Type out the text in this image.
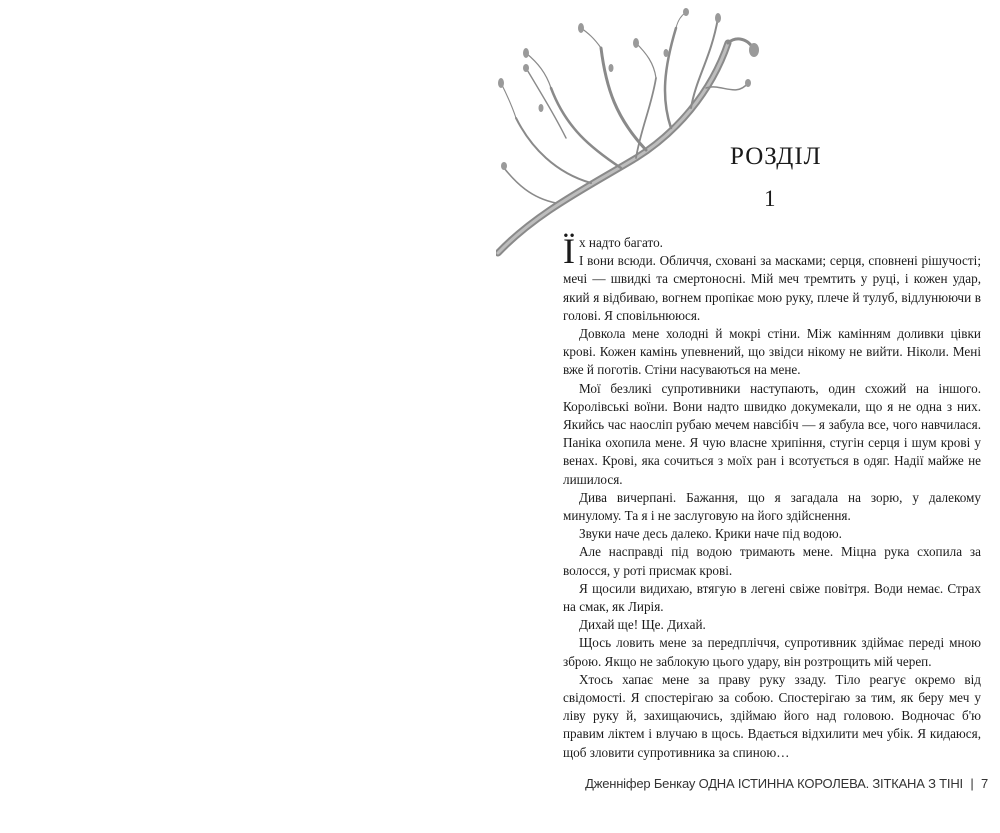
РОЗДІЛ
1

Їх надто багато.

І вони всюди. Обличчя, сховані за масками; серця, сповнені рішучості; мечі — швидкі та смертоносні. Мій меч тремтить у руці, і кожен удар, який я відбиваю, вогнем пропікає мою руку, плече й тулуб, відлунюючи в голові. Я сповільнююся.

Довкола мене холодні й мокрі стіни. Між камінням доливки цівки крові. Кожен камінь упевнений, що звідси нікому не вийти. Ніколи. Мені вже й поготів. Стіни насуваються на мене.

Мої безликі супротивники наступають, один схожий на іншого. Королівські воїни. Вони надто швидко докумекали, що я не одна з них. Якийсь час наосліп рубаю мечем навсібіч — я забула все, чого навчилася. Паніка охопила мене. Я чую власне хрипіння, стугін серця і шум крові у венах. Крові, яка сочиться з моїх ран і всотується в одяг. Надії майже не лишилося.

Дива вичерпані. Бажання, що я загадала на зорю, у далекому минулому. Та я і не заслуговую на його здійснення.

Звуки наче десь далеко. Крики наче під водою.

Але насправді під водою тримають мене. Міцна рука схопила за волосся, у роті присмак крові.

Я щосили видихаю, втягую в легені свіже повітря. Води немає. Страх на смак, як Лирія.

Дихай ще! Ще. Дихай.

Щось ловить мене за передпліччя, супротивник здіймає переді мною зброю. Якщо не заблокую цього удару, він розтрощить мій череп.

Хтось хапає мене за праву руку ззаду. Тіло реагує окремо від свідомості. Я спостерігаю за собою. Спостерігаю за тим, як беру меч у ліву руку й, захищаючись, здіймаю його над головою. Водночас б'ю правим ліктем і влучаю в щось. Вдається відхилити меч убік. Я кидаюся, щоб зловити супротивника за спиною…

Дженніфер Бенкау ОДНА ІСТИННА КОРОЛЕВА. ЗІТКАНА З ТІНІ | 7
